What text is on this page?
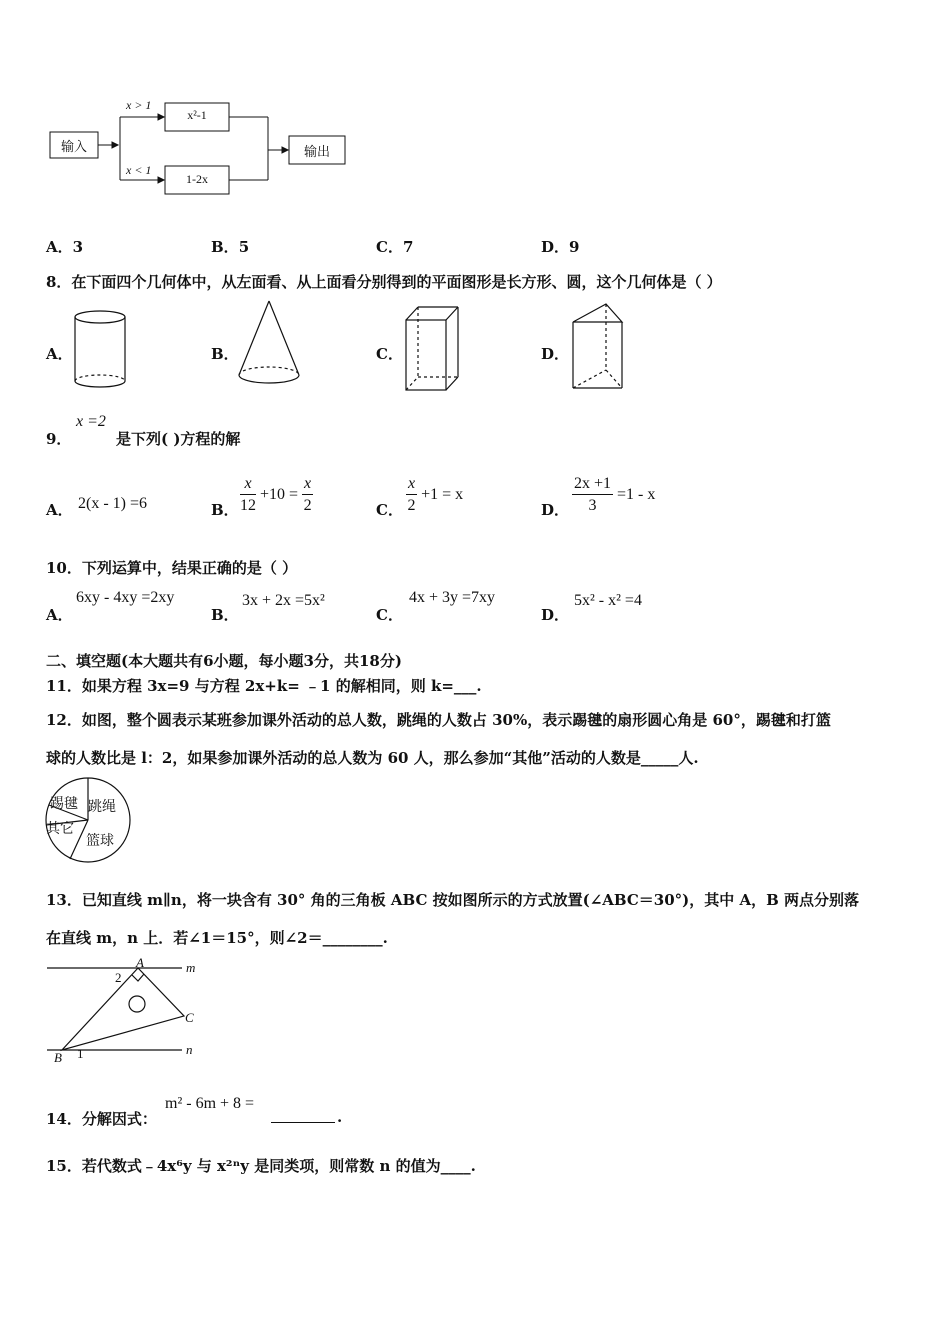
输入	输出
x > 1
x < 1
x²-1
1-2x
A．3	B．5	C．7	D．9
8．在下面四个几何体中，从左面看、从上面看分别得到的平面图形是长方形、圆，这个几何体是（ ）
A．	B．	C．	D．
9．
x =2
是下列( )方程的解
A． 2(x - 1) =6	B． $\frac{x}{12} +10 = \frac{x}{2}$	C． $\frac{x}{2} +1 = x$
D． $\frac{2x +1}{3} =1 - x$
10．下列运算中，结果正确的是（ ）
A．
6xy - 4xy =2xy
B．
3x + 2x =5x²
C．
4x + 3y =7xy
D．
5x² - x² =4
二、填空题(本大题共有6小题，每小题3分，共18分)
11．如果方程 3x=9 与方程 2x+k= ﹣1 的解相同，则 k=___.
12．如图，整个圆表示某班参加课外活动的总人数，跳绳的人数占 30%，表示踢毽的扇形圆心角是 60°，踢毽和打篮
球的人数比是 l：2，如果参加课外活动的总人数为 60 人，那么参加“其他”活动的人数是_____人.
踢毽 跳绳
其它
篮球
13．已知直线 m∥n，将一块含有 30° 角的三角板 ABC 按如图所示的方式放置(∠ABC＝30°)，其中 A，B 两点分别落
在直线 m，n 上．若∠1＝15°，则∠2＝________.
A
B
C
m
n
1
2
14．分解因式：
m² - 6m + 8 =
.
15．若代数式﹣4x⁶y 与 x²ⁿy 是同类项，则常数 n 的值为____.
